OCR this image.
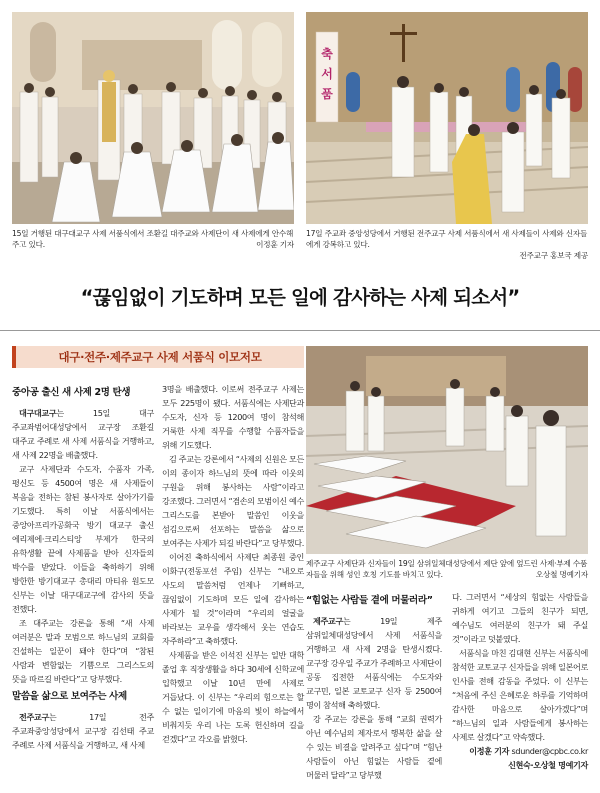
15일 거행된 대구대교구 사제 서품식에서 조환길 대주교와 사제단이 새 사제에게 안수해주고 있다.	이정훈 기자
축
서
품
17일 주교좌 중앙성당에서 거행된 전주교구 사제 서품식에서 새 사제들이 사제와 신자들에게 강복하고 있다.
전주교구 홍보국 제공
“끊임없이 기도하며 모든 일에 감사하는 사제 되소서”
대구·전주·제주교구 사제 서품식 이모저모
제주교구 사제단과 신자들이 19일 삼위일체대성당에서 제단 앞에 엎드린 사제·부제 수품자들을 위해 성인 호칭 기도를 바치고 있다.	오상철 명예기자

중아공 출신 새 사제 2명 탄생

대구대교구는 15일 대구 주교좌범어대성당에서 교구장 조환길 대주교 주례로 새 사제 서품식을 거행하고, 새 사제 22명을 배출했다.

교구 사제단과 수도자, 수품자 가족, 평신도 등 4500여 명은 새 사제들이 복음을 전하는 참된 봉사자로 살아가기를 기도했다. 특히 이날 서품식에서는 중앙아프리카공화국 방기 대교구 출신 에리제에·크리스티앙 부제가 한국의 유학생활 끝에 사제품을 받아 신자들의 박수를 받았다. 이들을 축하하기 위해 방한한 방기대교구 총대리 마티유 원도모 신부는 이날 대구대교구에 감사의 뜻을 전했다.

조 대주교는 강론을 통해 “새 사제 여러분은 말과 모범으로 하느님의 교회를 건설하는 일꾼이 돼야 한다”며 “참된 사람과 변함없는 기쁨으로 그리스도의 뜻을 따르길 바란다”고 당부했다.

말씀을 삶으로 보여주는 사제

전주교구는 17일 전주 주교좌중앙성당에서 교구장 김선태 주교 주례로 사제 서품식을 거행하고, 새 사제

3명을 배출했다. 이로써 전주교구 사제는 모두 225명이 됐다. 서품식에는 사제단과 수도자, 신자 등 1200여 명이 참석해 거룩한 사제 직무를 수행할 수품자들을 위해 기도했다.

김 주교는 강론에서 “사제의 신원은 모든 이의 종이자 하느님의 뜻에 따라 이웃의 구원을 위해 봉사하는 사람”이라고 강조했다. 그러면서 “겸손의 모범이신 예수 그리스도를 본받아 말씀인 이웃을 섬김으로써 선포하는 말씀을 삶으로 보여주는 사제가 되길 바란다”고 당부했다.

이어진 축하식에서 사제단 최종원 중인 이화구(전동포선 주임) 신부는 “내오로 사도의 말씀처럼 언제나 기뻐하고, 끊임없이 기도하며 모든 일에 감사하는 사제가 될 것”이라며 “우리의 얼굴을 바라보는 교우를 생각해서 웃는 연습도 자주하라”고 축하했다.

사제품을 받은 이석진 신부는 일반 대학 졸업 후 직장생활을 하다 30세에 신학교에 입학했고 이날 10년 만에 사제로 거듭났다. 이 신부는 “우리의 힘으로는 할 수 없는 일이기에 마음의 빛이 하늘에서 비춰지듯 우리 나는 도록 헌신하며 길을 걷겠다”고 각오를 밝혔다.

“힘없는 사람들 곁에 머물러라”

제주교구는 19일 제주 삼위일체대성당에서 사제 서품식을 거행하고 새 사제 2명을 탄생시켰다. 교구장 강우일 주교가 주례하고 사제단이 공동 집전한 서품식에는 수도자와 교구민, 일본 교토교구 신자 등 2500여 명이 참석해 축하했다.

강 주교는 강론을 통해 “교회 권력가 아닌 예수님의 제자로서 행복한 삶을 살 수 있는 비결을 알려주고 싶다”며 “힘난 사람들이 아닌 힘없는 사람들 곁에 머물러 달라”고 당부했

다. 그러면서 “세상의 힘없는 사람들을 귀하게 여기고 그들의 친구가 되면, 예수님도 여러분의 친구가 돼 주실 것”이라고 덧붙였다.

서품식을 마친 김대현 신부는 서품식에 참석한 교토교구 신자들을 위해 일본어로 인사를 전해 감동을 주었다. 이 신부는 “처음에 주신 은혜로운 하루를 기억하며 감사한 마음으로 살아가겠다”며 “하느님의 일과 사람들에게 봉사하는 사제로 살겠다”고 약속했다.

이정훈 기자 sdunder@cpbc.co.kr

신현숙·오상철 명예기자
